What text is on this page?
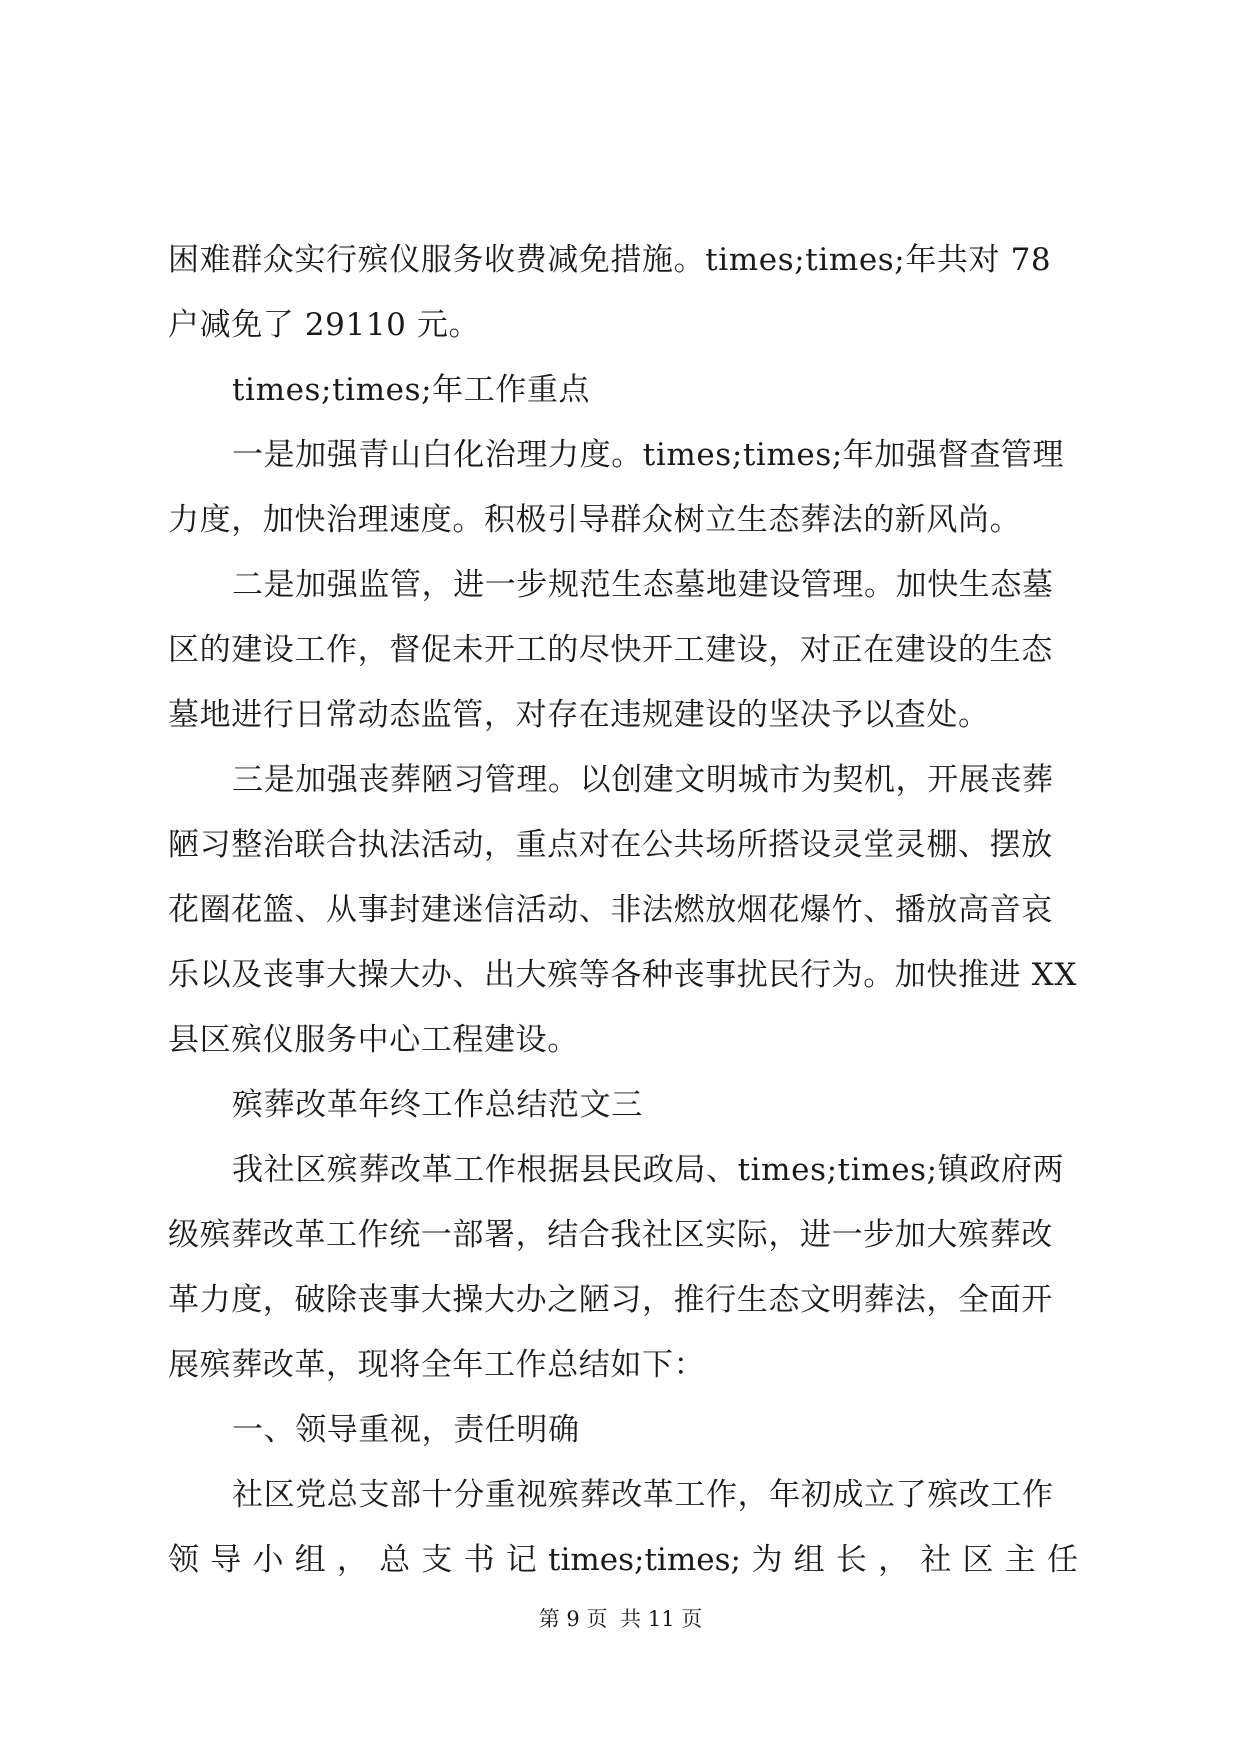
困难群众实行殡仪服务收费减免措施。times;times;年共对 78
户减免了 29110 元。
times;times;年工作重点
一是加强青山白化治理力度。times;times;年加强督查管理
力度，加快治理速度。积极引导群众树立生态葬法的新风尚。
二是加强监管，进一步规范生态墓地建设管理。加快生态墓
区的建设工作，督促未开工的尽快开工建设，对正在建设的生态
墓地进行日常动态监管，对存在违规建设的坚决予以查处。
三是加强丧葬陋习管理。以创建文明城市为契机，开展丧葬
陋习整治联合执法活动，重点对在公共场所搭设灵堂灵棚、摆放
花圈花篮、从事封建迷信活动、非法燃放烟花爆竹、播放高音哀
乐以及丧事大操大办、出大殡等各种丧事扰民行为。加快推进 XX
县区殡仪服务中心工程建设。
殡葬改革年终工作总结范文三
我社区殡葬改革工作根据县民政局、times;times;镇政府两
级殡葬改革工作统一部署，结合我社区实际，进一步加大殡葬改
革力度，破除丧事大操大办之陋习，推行生态文明葬法，全面开
展殡葬改革，现将全年工作总结如下：
一、领导重视，责任明确
社区党总支部十分重视殡葬改革工作，年初成立了殡改工作
领 导 小 组 ， 总 支 书 记 times;times; 为 组 长 ， 社 区 主 任
第 9 页 共 11 页
